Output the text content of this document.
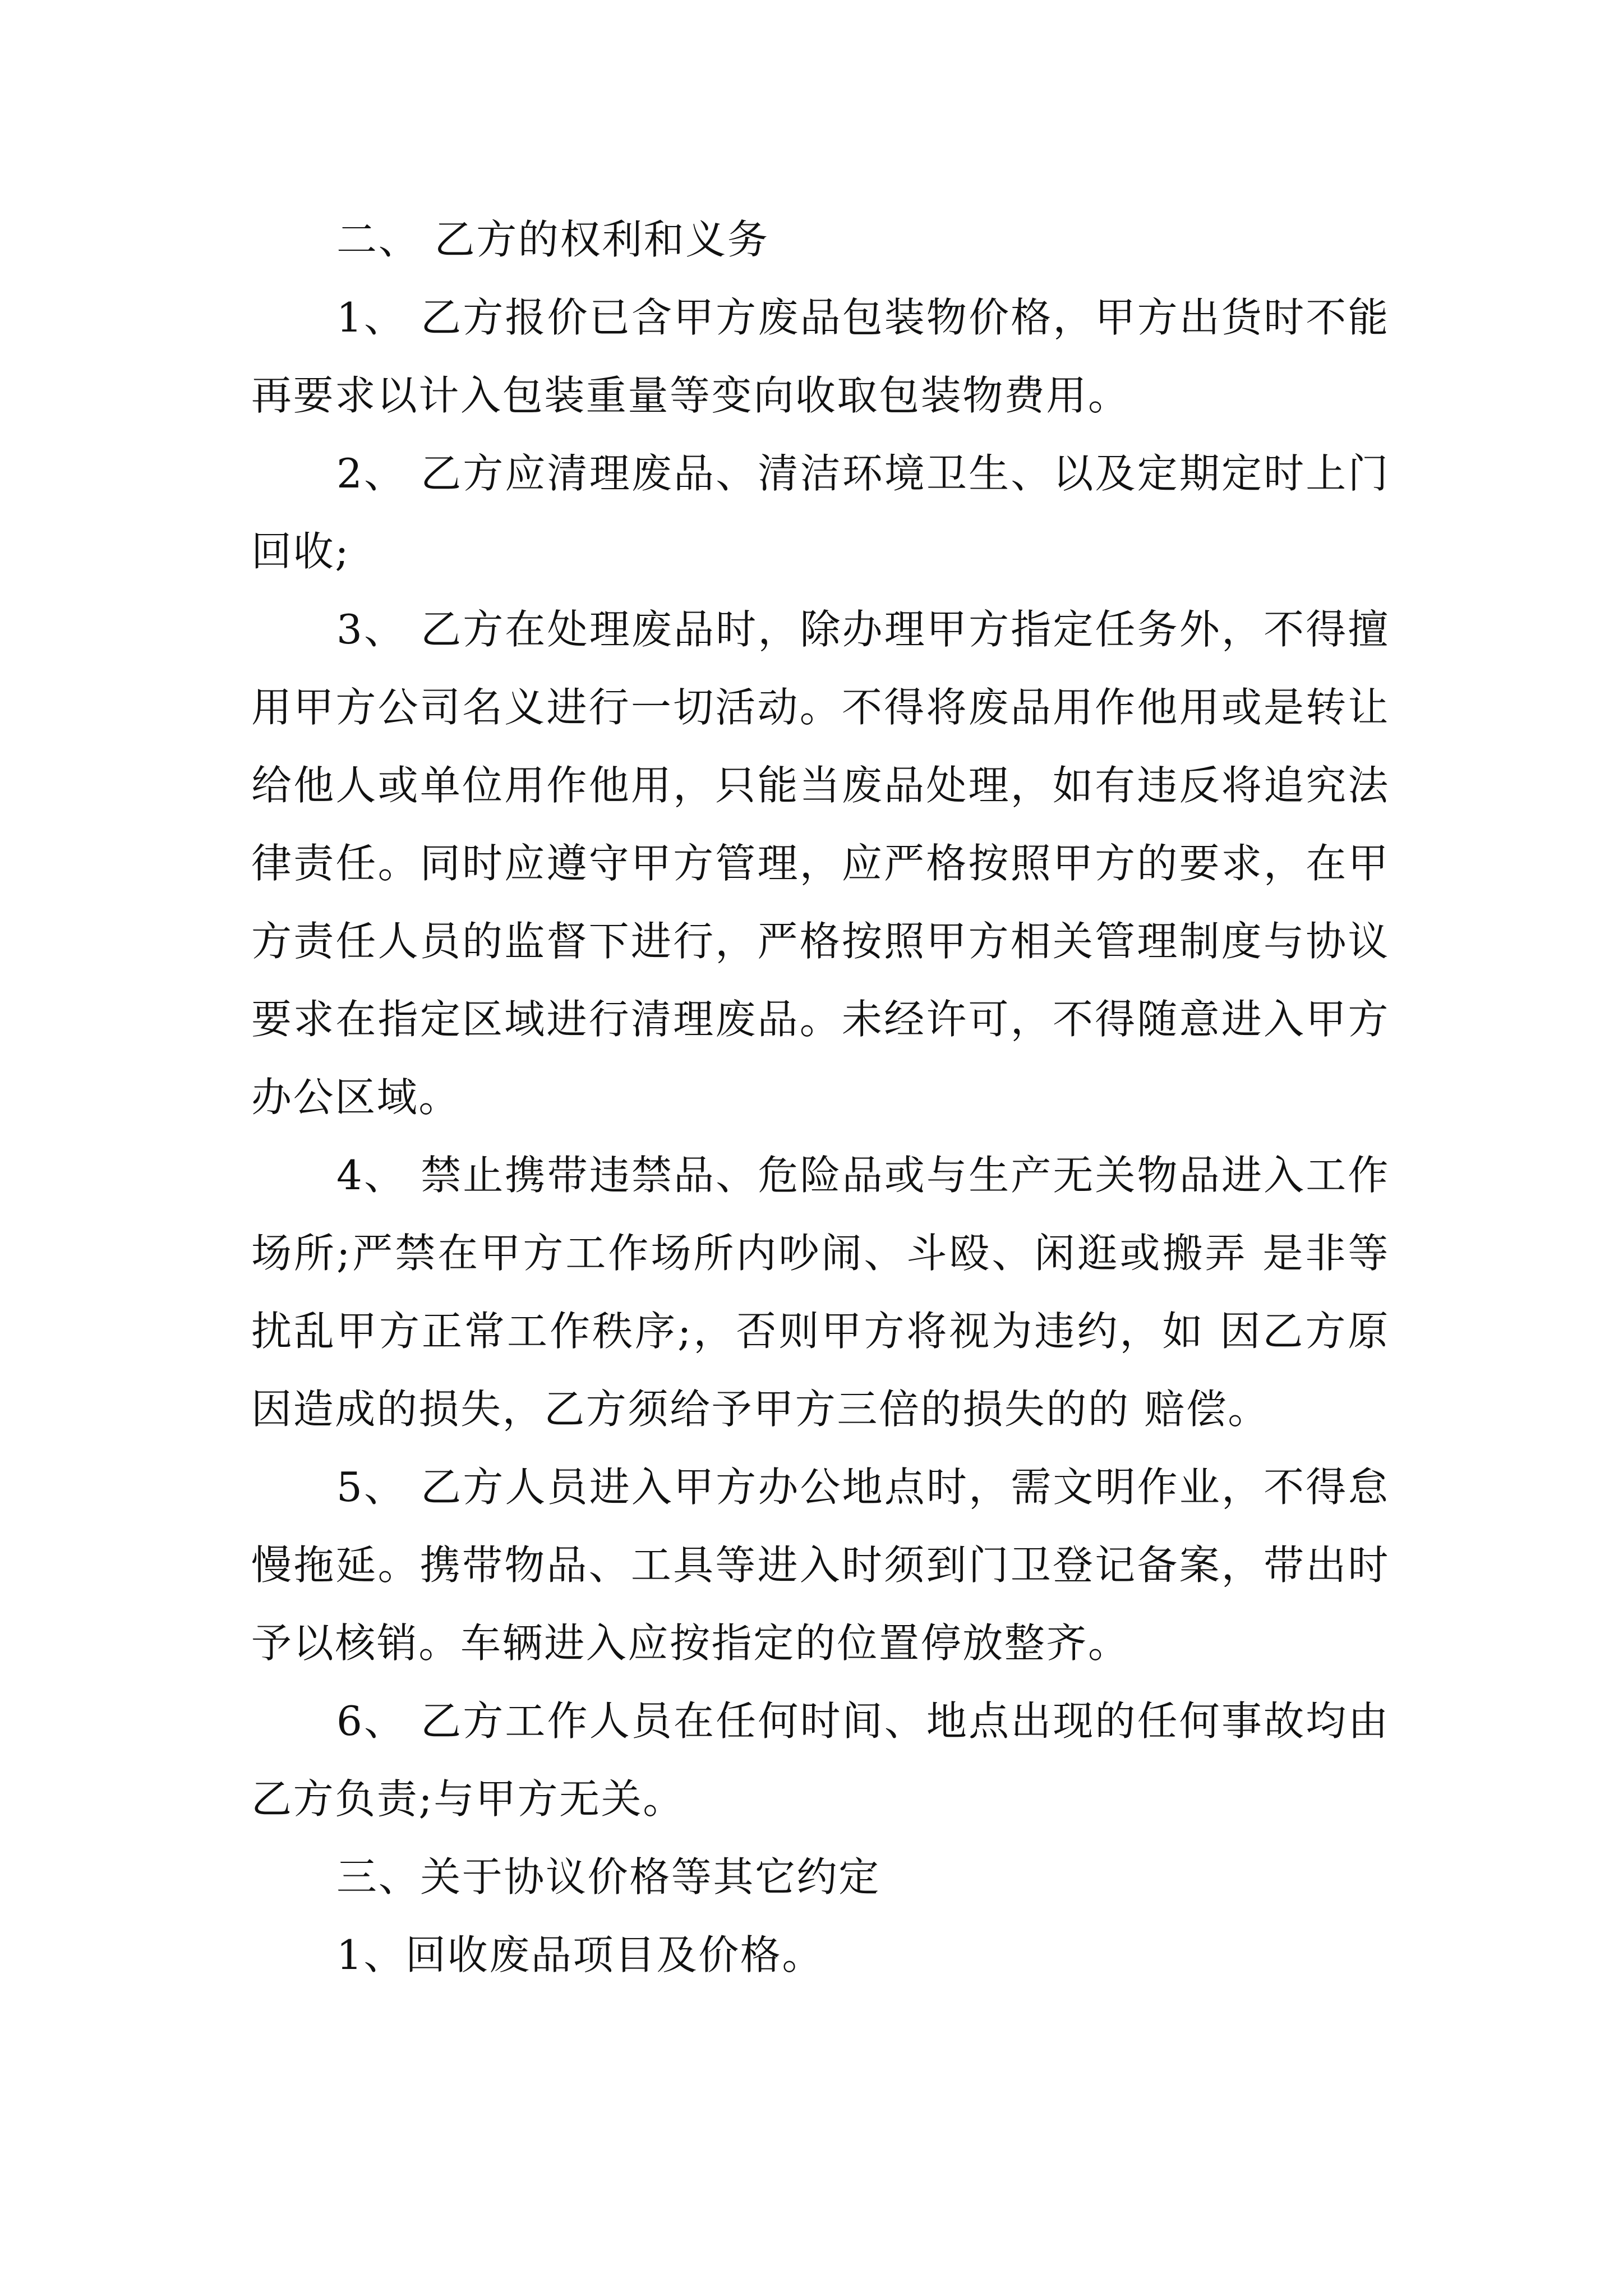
二、 乙方的权利和义务

1、 乙方报价已含甲方废品包装物价格，甲方出货时不能再要求以计入包装重量等变向收取包装物费用。

2、 乙方应清理废品、清洁环境卫生、以及定期定时上门回收;

3、 乙方在处理废品时，除办理甲方指定任务外，不得擅用甲方公司名义进行一切活动。不得将废品用作他用或是转让给他人或单位用作他用，只能当废品处理，如有违反将追究法律责任。同时应遵守甲方管理，应严格按照甲方的要求，在甲方责任人员的监督下进行，严格按照甲方相关管理制度与协议要求在指定区域进行清理废品。未经许可，不得随意进入甲方办公区域。

4、 禁止携带违禁品、危险品或与生产无关物品进入工作场所;严禁在甲方工作场所内吵闹、斗殴、闲逛或搬弄 是非等扰乱甲方正常工作秩序;，否则甲方将视为违约，如 因乙方原因造成的损失，乙方须给予甲方三倍的损失的的 赔偿。

5、 乙方人员进入甲方办公地点时，需文明作业，不得怠慢拖延。携带物品、工具等进入时须到门卫登记备案，带出时予以核销。车辆进入应按指定的位置停放整齐。

6、 乙方工作人员在任何时间、地点出现的任何事故均由乙方负责;与甲方无关。

三、关于协议价格等其它约定

1、回收废品项目及价格。
